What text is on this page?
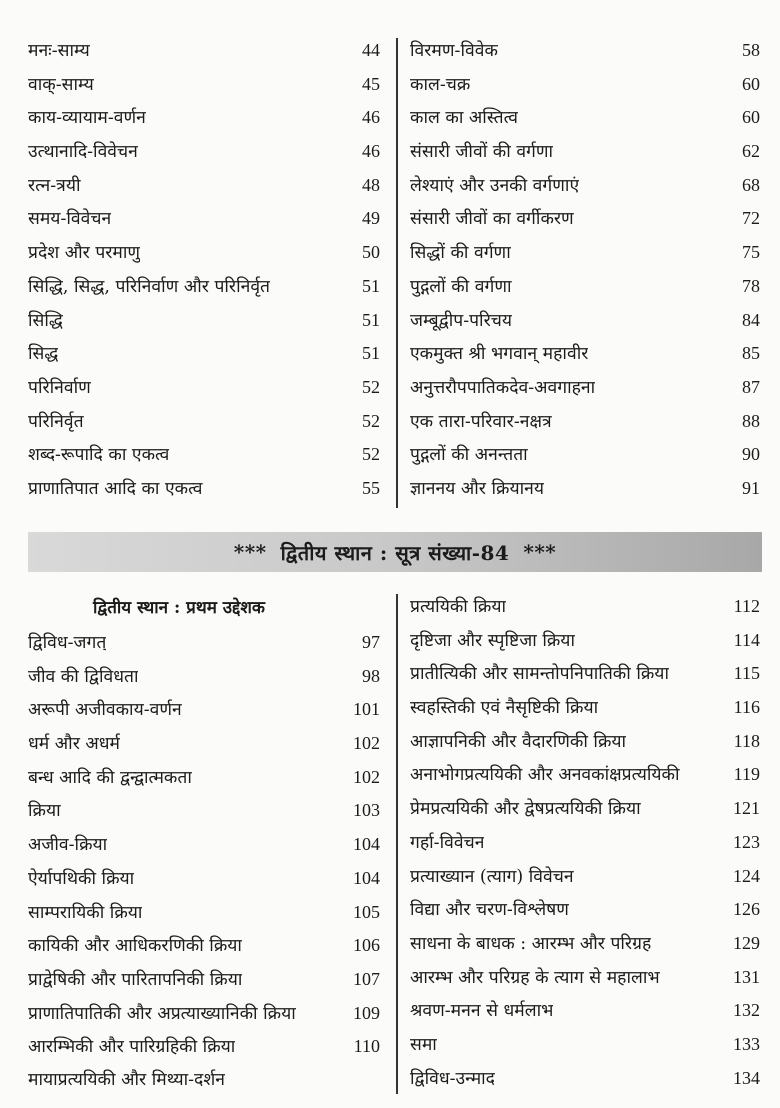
मनः-साम्य	44
वाक्-साम्य	45
काय-व्यायाम-वर्णन	46
उत्थानादि-विवेचन	46
रत्न-त्रयी	48
समय-विवेचन	49
प्रदेश और परमाणु	50
सिद्धि, सिद्ध, परिनिर्वाण और परिनिर्वृत	51
सिद्धि	51
सिद्ध	51
परिनिर्वाण	52
परिनिर्वृत	52
शब्द-रूपादि का एकत्व	52
प्राणातिपात आदि का एकत्व	55
विरमण-विवेक	58
काल-चक्र	60
काल का अस्तित्व	60
संसारी जीवों की वर्गणा	62
लेश्याएं और उनकी वर्गणाएं	68
संसारी जीवों का वर्गीकरण	72
सिद्धों की वर्गणा	75
पुद्गलों की वर्गणा	78
जम्बूद्वीप-परिचय	84
एकमुक्त श्री भगवान् महावीर	85
अनुत्तरौपपातिकदेव-अवगाहना	87
एक तारा-परिवार-नक्षत्र	88
पुद्गलों की अनन्तता	90
ज्ञाननय और क्रियानय	91
*** द्वितीय स्थान : सूत्र संख्या-84 ***
द्वितीय स्थान : प्रथम उद्देशक
द्विविध-जगत्	97
जीव की द्विविधता	98
अरूपी अजीवकाय-वर्णन	101
धर्म और अधर्म	102
बन्ध आदि की द्वन्द्वात्मकता	102
क्रिया	103
अजीव-क्रिया	104
ऐर्यापथिकी क्रिया	104
साम्परायिकी क्रिया	105
कायिकी और आधिकरणिकी क्रिया	106
प्राद्वेषिकी और पारितापनिकी क्रिया	107
प्राणातिपातिकी और अप्रत्याख्यानिकी क्रिया	109
आरम्भिकी और पारिग्रहिकी क्रिया	110
मायाप्रत्ययिकी और मिथ्या-दर्शन
प्रत्ययिकी क्रिया	112
दृष्टिजा और स्पृष्टिजा क्रिया	114
प्रातीत्यिकी और सामन्तोपनिपातिकी क्रिया	115
स्वहस्तिकी एवं नैसृष्टिकी क्रिया	116
आज्ञापनिकी और वैदारणिकी क्रिया	118
अनाभोगप्रत्ययिकी और अनवकांक्षप्रत्ययिकी	119
प्रेमप्रत्ययिकी और द्वेषप्रत्ययिकी क्रिया	121
गर्हा-विवेचन	123
प्रत्याख्यान (त्याग) विवेचन	124
विद्या और चरण-विश्लेषण	126
साधना के बाधक : आरम्भ और परिग्रह	129
आरम्भ और परिग्रह के त्याग से महालाभ	131
श्रवण-मनन से धर्मलाभ	132
समा	133
द्विविध-उन्माद	134
